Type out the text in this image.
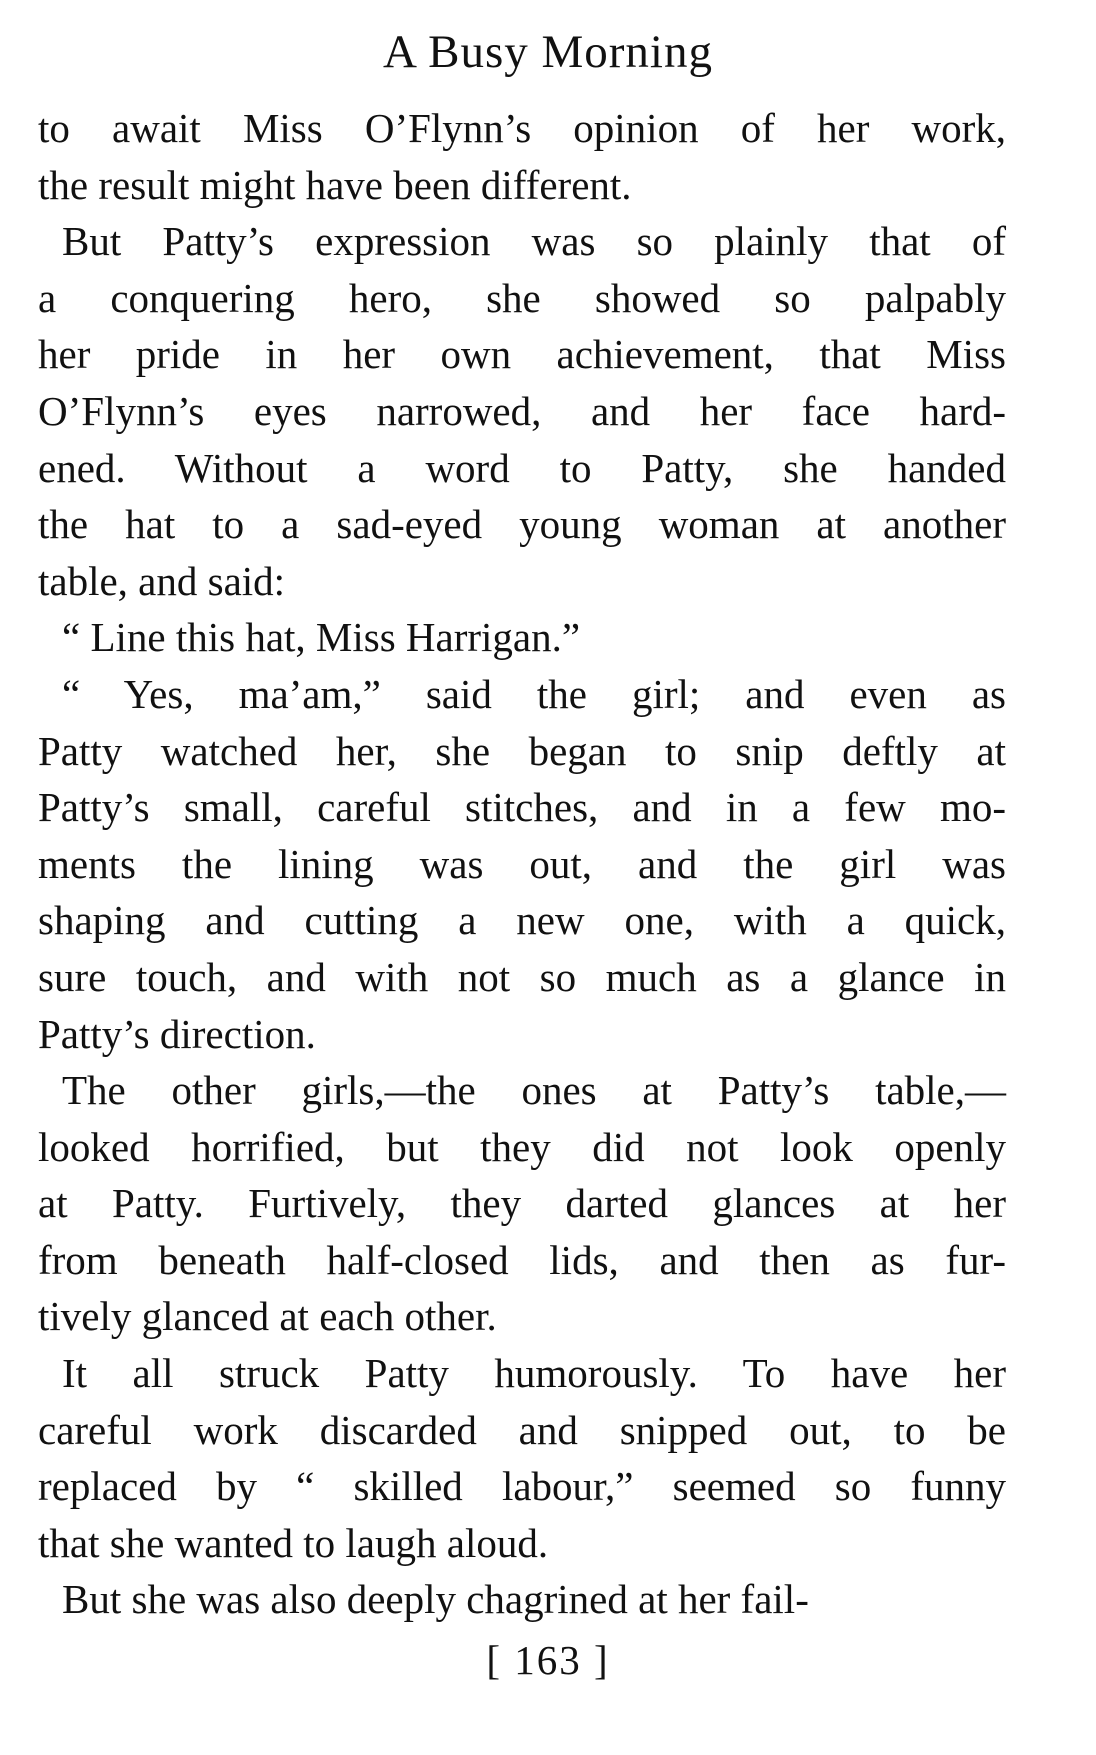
A Busy Morning
to await Miss O’Flynn’s opinion of her work,
the result might have been different.
But Patty’s expression was so plainly that of
a conquering hero, she showed so palpably
her pride in her own achievement, that Miss
O’Flynn’s eyes narrowed, and her face hard-
ened. Without a word to Patty, she handed
the hat to a sad-eyed young woman at another
table, and said:
“ Line this hat, Miss Harrigan.”
“ Yes, ma’am,” said the girl; and even as
Patty watched her, she began to snip deftly at
Patty’s small, careful stitches, and in a few mo-
ments the lining was out, and the girl was
shaping and cutting a new one, with a quick,
sure touch, and with not so much as a glance in
Patty’s direction.
The other girls,—the ones at Patty’s table,—
looked horrified, but they did not look openly
at Patty. Furtively, they darted glances at her
from beneath half-closed lids, and then as fur-
tively glanced at each other.
It all struck Patty humorously. To have her
careful work discarded and snipped out, to be
replaced by “ skilled labour,” seemed so funny
that she wanted to laugh aloud.
But she was also deeply chagrined at her fail-
[ 163 ]
